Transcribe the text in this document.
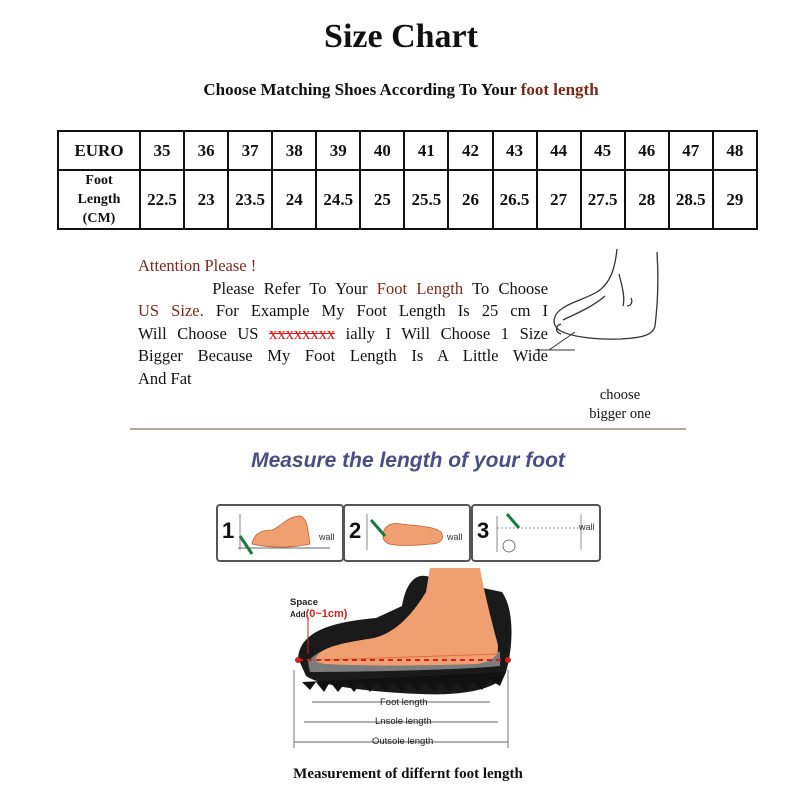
Size Chart
Choose Matching Shoes According To Your foot length
EURO	35	36	37	38	39	40	41	42	43	44	45	46	47	48

Foot
Length
(CM)	22.5	23	23.5	24	24.5	25	25.5	26	26.5	27	27.5	28	28.5	29
Attention Please !

Please Refer To Your Foot Length To Choose

US Size. For Example My Foot Length Is 25 cm I

Will Choose US xxxxxxxx ially I Will Choose 1 Size

Bigger Because My Foot Length Is A Little Wide

And Fat

choose
bigger one
Measure the length of your foot
1	wall 2	wall 3	wall
Space
Add(0~1cm)
Foot length
Lnsole length
Outsole length
Measurement of differnt foot length
